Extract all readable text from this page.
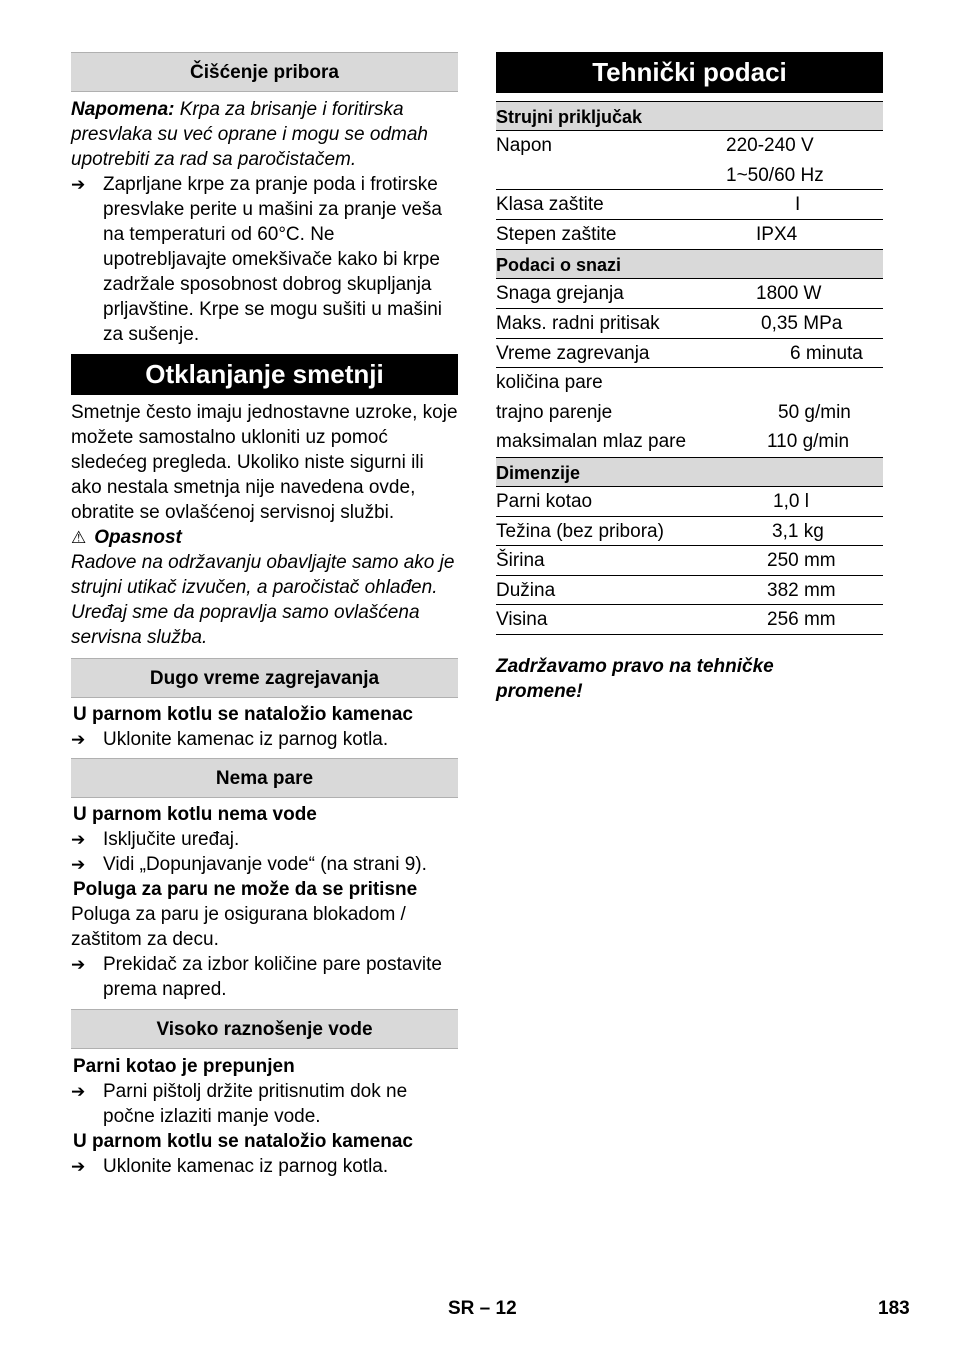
Čišćenje pribora

Napomena: Krpa za brisanje i foritirska presvlaka su već oprane i mogu se odmah upotrebiti za rad sa paročistačem.

➔ Zaprljane krpe za pranje poda i frotirske presvlake perite u mašini za pranje veša na temperaturi od 60°C. Ne upotrebljavajte omekšivače kako bi krpe zadržale sposobnost dobrog skupljanja prljavštine. Krpe se mogu sušiti u mašini za sušenje.
Otklanjanje smetnji

Smetnje često imaju jednostavne uzroke, koje možete samostalno ukloniti uz pomoć sledećeg pregleda. Ukoliko niste sigurni ili ako nestala smetnja nije navedena ovde, obratite se ovlašćenoj servisnoj službi.

⚠ Opasnost

Radove na održavanju obavljajte samo ako je strujni utikač izvučen, a paročistač ohlađen.

Uređaj sme da popravlja samo ovlašćena servisna služba.

Dugo vreme zagrejavanja
U parnom kotlu se nataložio kamenac
➔ Uklonite kamenac iz parnog kotla.
Nema pare
U parnom kotlu nema vode
➔ Isključite uređaj.
➔ Vidi „Dopunjavanje vode“ (na strani 9).
Poluga za paru ne može da se pritisne

Poluga za paru je osigurana blokadom / zaštitom za decu.

➔ Prekidač za izbor količine pare postavite prema napred.
Visoko raznošenje vode
Parni kotao je prepunjen
➔ Parni pištolj držite pritisnutim dok ne počne izlaziti manje vode.
U parnom kotlu se nataložio kamenac
➔ Uklonite kamenac iz parnog kotla.
Tehnički podaci
Strujni priključak
Napon	220-240 V
1~50/60 Hz
Klasa zaštite	I
Stepen zaštite	IPX4
Podaci o snazi
Snaga grejanja	1800 W
Maks. radni pritisak	0,35 MPa
Vreme zagrevanja	6 minuta
količina pare
trajno parenje	50 g/min
maksimalan mlaz pare	110 g/min
Dimenzije
Parni kotao	1,0 l
Težina (bez pribora)	3,1 kg
Širina	250 mm
Dužina	382 mm
Visina	256 mm

Zadržavamo pravo na tehničke promene!

SR – 12	183
